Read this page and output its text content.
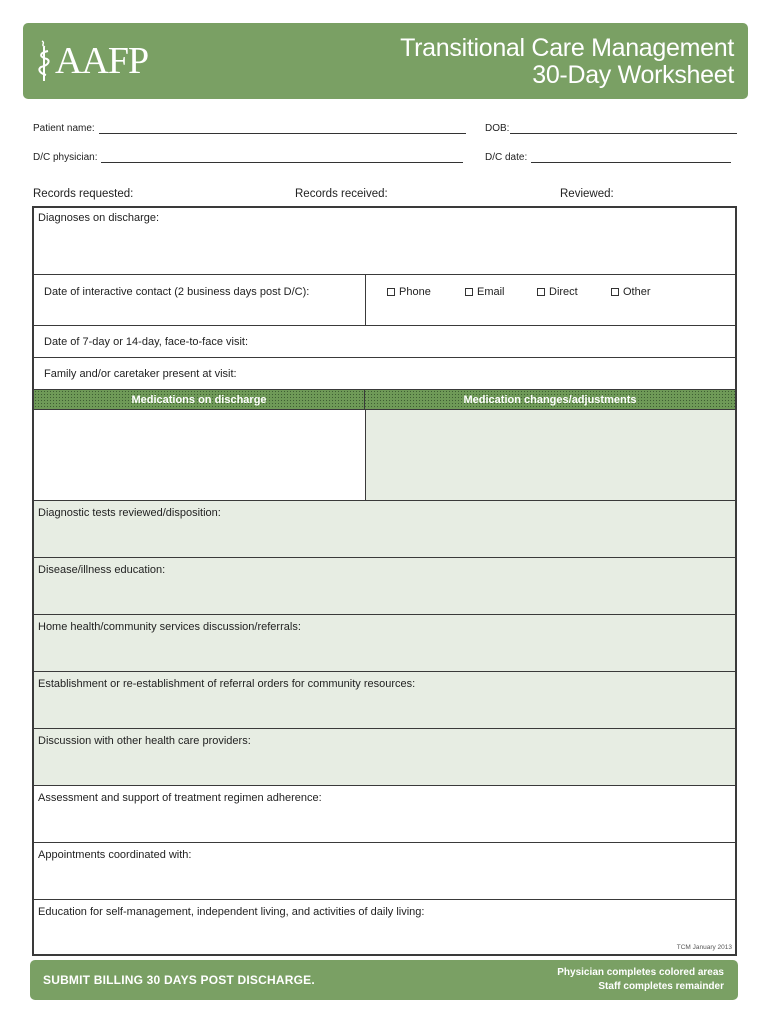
AAFP	Transitional Care Management
30-Day Worksheet
Patient name:	DOB:
D/C physician:	D/C date:
Records requested:	Records received:	Reviewed:
Diagnoses on discharge:
Date of interactive contact (2 business days post D/C):	Phone	Email	Direct	Other
Date of 7-day or 14-day, face-to-face visit:
Family and/or caretaker present at visit:
Medications on discharge	Medication changes/adjustments
Diagnostic tests reviewed/disposition:
Disease/illness education:
Home health/community services discussion/referrals:
Establishment or re-establishment of referral orders for community resources:
Discussion with other health care providers:
Assessment and support of treatment regimen adherence:
Appointments coordinated with:
Education for self-management, independent living, and activities of daily living:
TCM January 2013
SUBMIT BILLING 30 DAYS POST DISCHARGE.
Physician completes colored areas
Staff completes remainder
